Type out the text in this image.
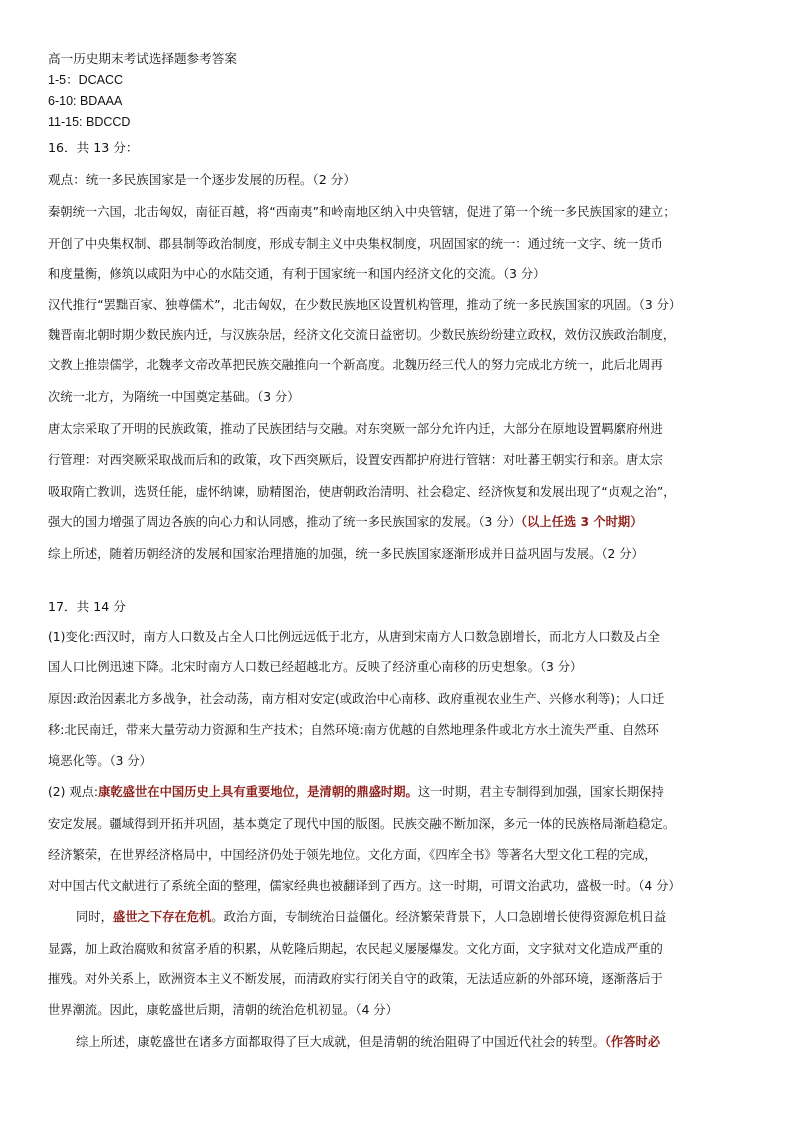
高一历史期末考试选择题参考答案
1-5：DCACC
6-10: BDAAA
11-15: BDCCD
16．共 13 分：
观点：统一多民族国家是一个逐步发展的历程。（2 分）
秦朝统一六国，北击匈奴，南征百越，将“西南夷”和岭南地区纳入中央管辖，促进了第一个统一多民族国家的建立；
开创了中央集权制、郡县制等政治制度，形成专制主义中央集权制度，巩固国家的统一：通过统一文字、统一货币
和度量衡，修筑以咸阳为中心的水陆交通，有利于国家统一和国内经济文化的交流。（3 分）
汉代推行“罢黜百家、独尊儒术”，北击匈奴，在少数民族地区设置机构管理，推动了统一多民族国家的巩固。（3 分）
魏晋南北朝时期少数民族内迁，与汉族杂居，经济文化交流日益密切。少数民族纷纷建立政权，效仿汉族政治制度，
文教上推崇儒学，北魏孝文帝改革把民族交融推向一个新高度。北魏历经三代人的努力完成北方统一，此后北周再
次统一北方，为隋统一中国奠定基础。（3 分）
唐太宗采取了开明的民族政策，推动了民族团结与交融。对东突厥一部分允许内迁，大部分在原地设置羁縻府州进
行管理：对西突厥采取战而后和的政策，攻下西突厥后，设置安西都护府进行管辖：对吐蕃王朝实行和亲。唐太宗
吸取隋亡教训，选贤任能，虚怀纳谏，励精图治，使唐朝政治清明、社会稳定、经济恢复和发展出现了“贞观之治”，
强大的国力增强了周边各族的向心力和认同感，推动了统一多民族国家的发展。（3 分）（以上任选 3 个时期）
综上所述，随着历朝经济的发展和国家治理措施的加强，统一多民族国家逐渐形成并日益巩固与发展。（2 分）
17．共 14 分
(1)变化:西汉时，南方人口数及占全人口比例远远低于北方，从唐到宋南方人口数急剧增长，而北方人口数及占全
国人口比例迅速下降。北宋时南方人口数已经超越北方。反映了经济重心南移的历史想象。（3 分）
原因:政治因素北方多战争，社会动荡，南方相对安定(或政治中心南移、政府重视农业生产、兴修水利等)；人口迁
移:北民南迁，带来大量劳动力资源和生产技术；自然环境:南方优越的自然地理条件或北方水土流失严重、自然环
境恶化等。（3 分）
(2) 观点:康乾盛世在中国历史上具有重要地位，是清朝的鼎盛时期。这一时期，君主专制得到加强，国家长期保持
安定发展。疆域得到开拓并巩固，基本奠定了现代中国的版图。民族交融不断加深，多元一体的民族格局渐趋稳定。
经济繁荣，在世界经济格局中，中国经济仍处于领先地位。文化方面，《四库全书》等著名大型文化工程的完成，
对中国古代文献进行了系统全面的整理，儒家经典也被翻译到了西方。这一时期，可谓文治武功，盛极一时。（4 分）
同时，盛世之下存在危机。政治方面，专制统治日益僵化。经济繁荣背景下，人口急剧增长使得资源危机日益
显露，加上政治腐败和贫富矛盾的积累，从乾隆后期起，农民起义屡屡爆发。文化方面，文字狱对文化造成严重的
摧残。对外关系上，欧洲资本主义不断发展，而清政府实行闭关自守的政策，无法适应新的外部环境，逐渐落后于
世界潮流。因此，康乾盛世后期，清朝的统治危机初显。（4 分）
综上所述，康乾盛世在诸多方面都取得了巨大成就，但是清朝的统治阻碍了中国近代社会的转型。（作答时必
